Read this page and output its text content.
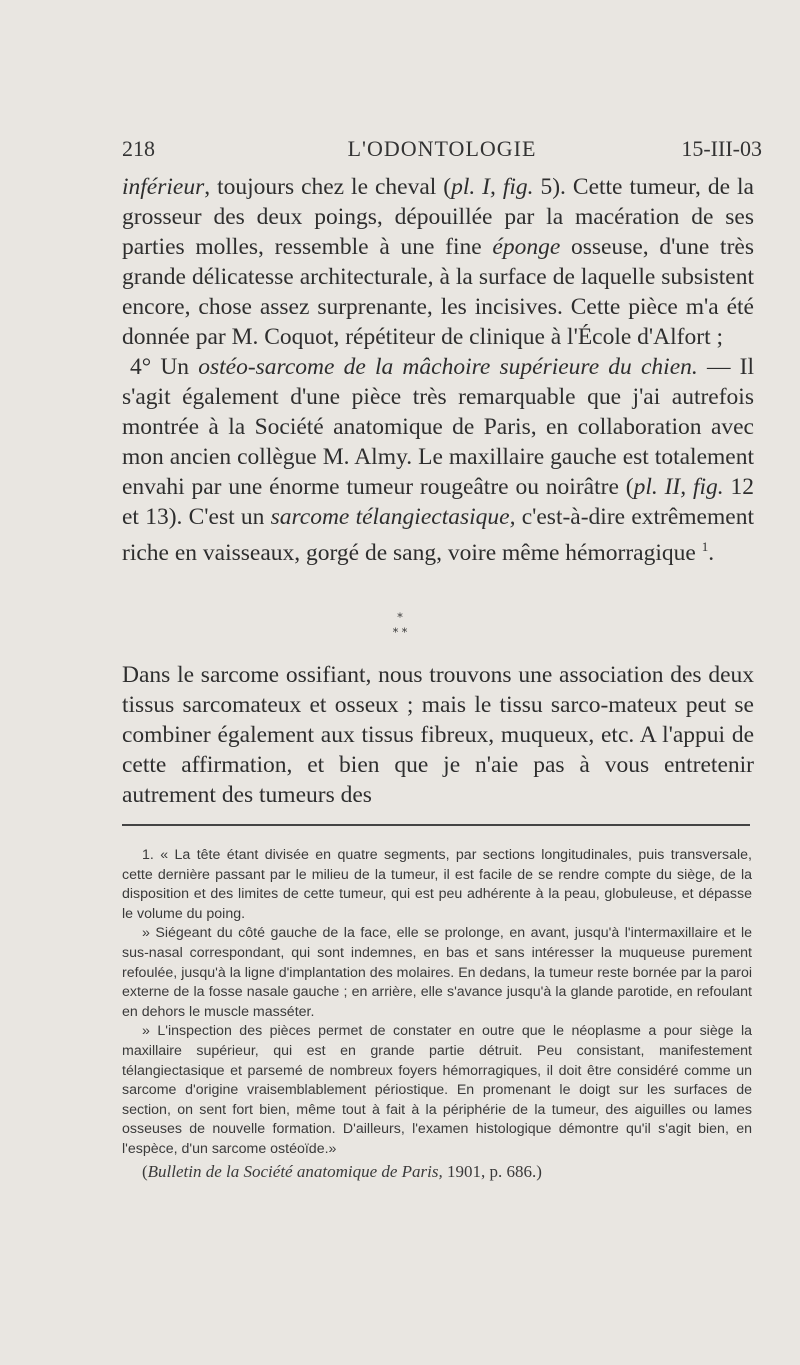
218	L'ODONTOLOGIE	15-III-03

inférieur, toujours chez le cheval (pl. I, fig. 5). Cette tumeur, de la grosseur des deux poings, dépouillée par la macération de ses parties molles, ressemble à une fine éponge osseuse, d'une très grande délicatesse architecturale, à la surface de laquelle subsistent encore, chose assez surprenante, les incisives. Cette pièce m'a été donnée par M. Coquot, répétiteur de clinique à l'École d'Alfort ;

4° Un ostéo-sarcome de la mâchoire supérieure du chien. — Il s'agit également d'une pièce très remarquable que j'ai autrefois montrée à la Société anatomique de Paris, en collaboration avec mon ancien collègue M. Almy. Le maxillaire gauche est totalement envahi par une énorme tumeur rougeâtre ou noirâtre (pl. II, fig. 12 et 13). C'est un sarcome télangiectasique, c'est-à-dire extrêmement riche en vaisseaux, gorgé de sang, voire même hémorragique $^1$.

*
* *

Dans le sarcome ossifiant, nous trouvons une association des deux tissus sarcomateux et osseux ; mais le tissu sarco-mateux peut se combiner également aux tissus fibreux, muqueux, etc. A l'appui de cette affirmation, et bien que je n'aie pas à vous entretenir autrement des tumeurs des

1. « La tête étant divisée en quatre segments, par sections longitudinales, puis transversale, cette dernière passant par le milieu de la tumeur, il est facile de se rendre compte du siège, de la disposition et des limites de cette tumeur, qui est peu adhérente à la peau, globuleuse, et dépasse le volume du poing.

» Siégeant du côté gauche de la face, elle se prolonge, en avant, jusqu'à l'intermaxillaire et le sus-nasal correspondant, qui sont indemnes, en bas et sans intéresser la muqueuse purement refoulée, jusqu'à la ligne d'implantation des molaires. En dedans, la tumeur reste bornée par la paroi externe de la fosse nasale gauche ; en arrière, elle s'avance jusqu'à la glande parotide, en refoulant en dehors le muscle masséter.

» L'inspection des pièces permet de constater en outre que le néoplasme a pour siège la maxillaire supérieur, qui est en grande partie détruit. Peu consistant, manifestement télangiectasique et parsemé de nombreux foyers hémorragiques, il doit être considéré comme un sarcome d'origine vraisemblablement périostique. En promenant le doigt sur les surfaces de section, on sent fort bien, même tout à fait à la périphérie de la tumeur, des aiguilles ou lames osseuses de nouvelle formation. D'ailleurs, l'examen histologique démontre qu'il s'agit bien, en l'espèce, d'un sarcome ostéoïde.»

(Bulletin de la Société anatomique de Paris, 1901, p. 686.)
